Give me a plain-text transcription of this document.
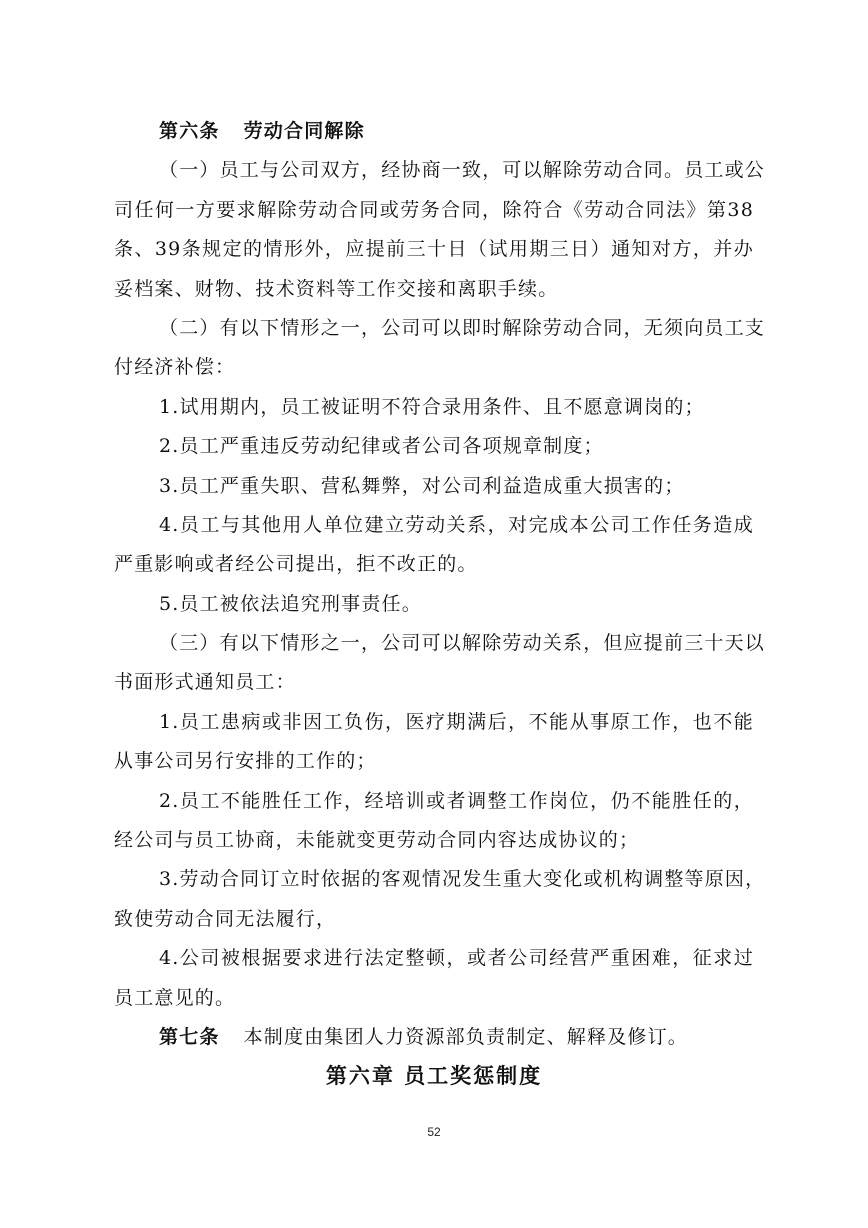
第六条 劳动合同解除
（一）员工与公司双方，经协商一致，可以解除劳动合同。员工或公
司任何一方要求解除劳动合同或劳务合同，除符合《劳动合同法》第38
条、39条规定的情形外，应提前三十日（试用期三日）通知对方，并办
妥档案、财物、技术资料等工作交接和离职手续。
（二）有以下情形之一，公司可以即时解除劳动合同，无须向员工支
付经济补偿：
1.试用期内，员工被证明不符合录用条件、且不愿意调岗的；
2.员工严重违反劳动纪律或者公司各项规章制度；
3.员工严重失职、营私舞弊，对公司利益造成重大损害的；
4.员工与其他用人单位建立劳动关系，对完成本公司工作任务造成
严重影响或者经公司提出，拒不改正的。
5.员工被依法追究刑事责任。
（三）有以下情形之一，公司可以解除劳动关系，但应提前三十天以
书面形式通知员工：
1.员工患病或非因工负伤，医疗期满后，不能从事原工作，也不能
从事公司另行安排的工作的；
2.员工不能胜任工作，经培训或者调整工作岗位，仍不能胜任的，
经公司与员工协商，未能就变更劳动合同内容达成协议的；
3.劳动合同订立时依据的客观情况发生重大变化或机构调整等原因，
致使劳动合同无法履行，
4.公司被根据要求进行法定整顿，或者公司经营严重困难，征求过
员工意见的。
第七条 本制度由集团人力资源部负责制定、解释及修订。
第六章 员工奖惩制度
52
